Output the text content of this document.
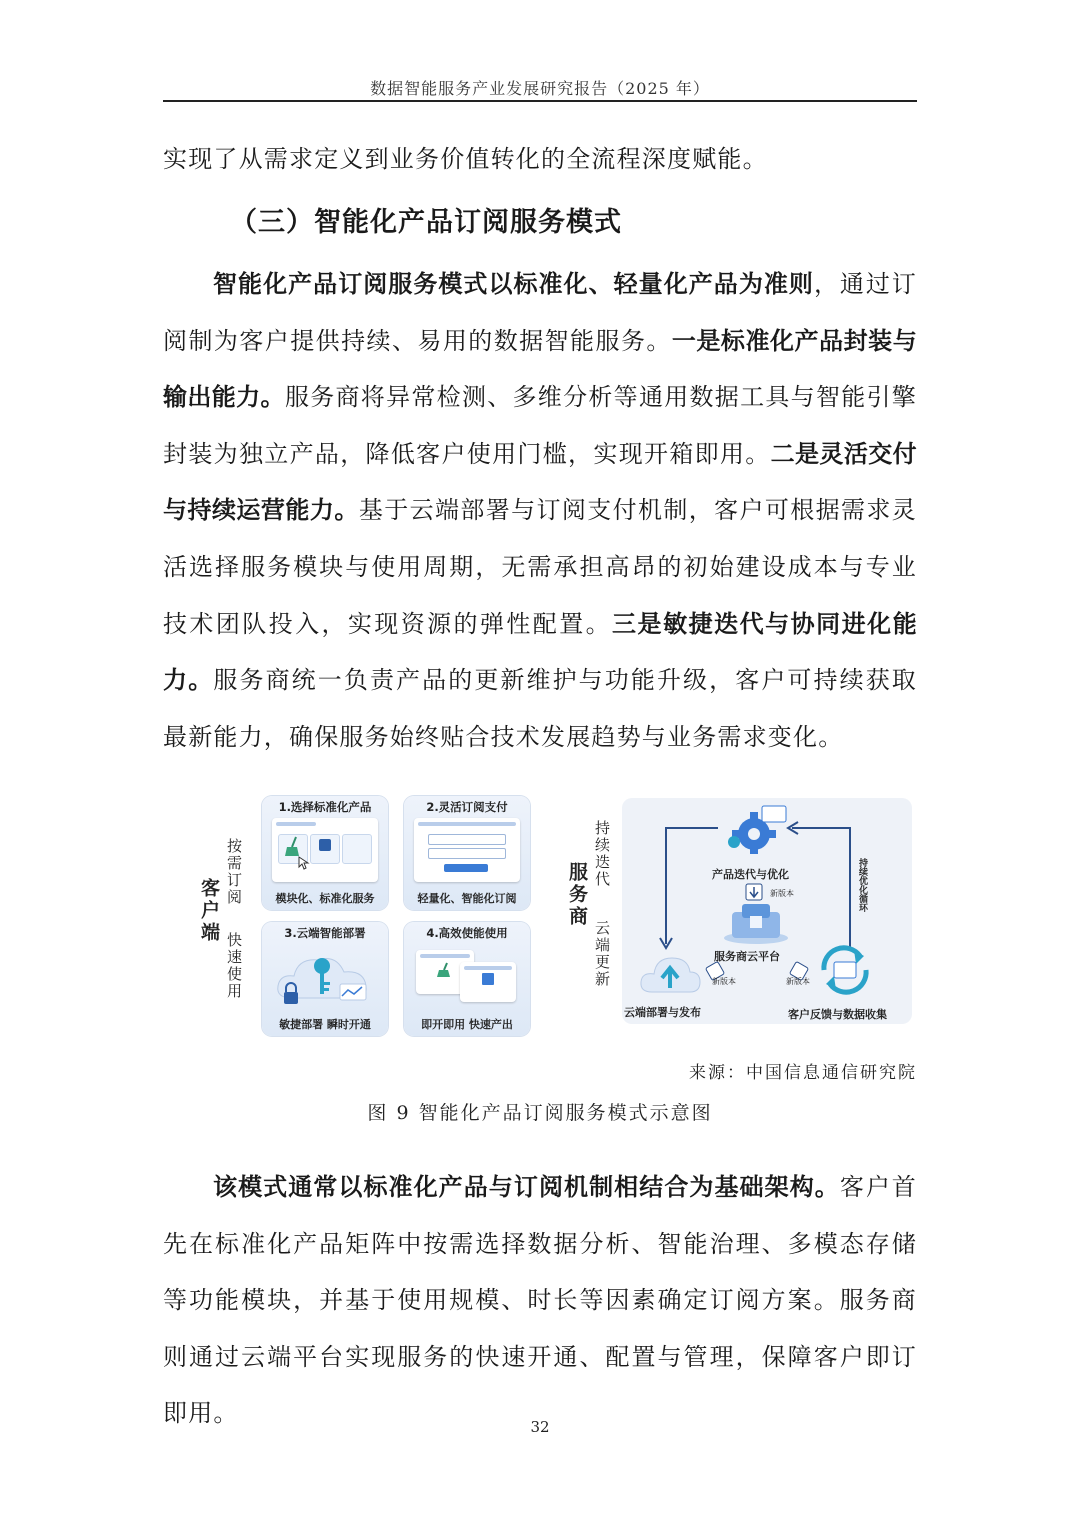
数据智能服务产业发展研究报告（2025 年）

实现了从需求定义到业务价值转化的全流程深度赋能。

（三）智能化产品订阅服务模式

智能化产品订阅服务模式以标准化、轻量化产品为准则，通过订阅制为客户提供持续、易用的数据智能服务。一是标准化产品封装与输出能力。服务商将异常检测、多维分析等通用数据工具与智能引擎封装为独立产品，降低客户使用门槛，实现开箱即用。二是灵活交付与持续运营能力。基于云端部署与订阅支付机制，客户可根据需求灵活选择服务模块与使用周期，无需承担高昂的初始建设成本与专业技术团队投入，实现资源的弹性配置。三是敏捷迭代与协同进化能力。服务商统一负责产品的更新维护与功能升级，客户可持续获取最新能力，确保服务始终贴合技术发展趋势与业务需求变化。

客户端
按需订阅
快速使用
1.选择标准化产品
模块化、标准化服务
2.灵活订阅支付
轻量化、智能化订阅
3.云端智能部署
敏捷部署 瞬时开通
4.高效使能使用
即开即用 快速产出
持续迭代
服务商
云端更新
产品迭代与优化
新版本
服务商云平台
新版本	新版本
云端部署与发布	客户反馈与数据收集
持续优化循环
来源：中国信息通信研究院
图 9 智能化产品订阅服务模式示意图

该模式通常以标准化产品与订阅机制相结合为基础架构。客户首先在标准化产品矩阵中按需选择数据分析、智能治理、多模态存储等功能模块，并基于使用规模、时长等因素确定订阅方案。服务商则通过云端平台实现服务的快速开通、配置与管理，保障客户即订即用。	32
